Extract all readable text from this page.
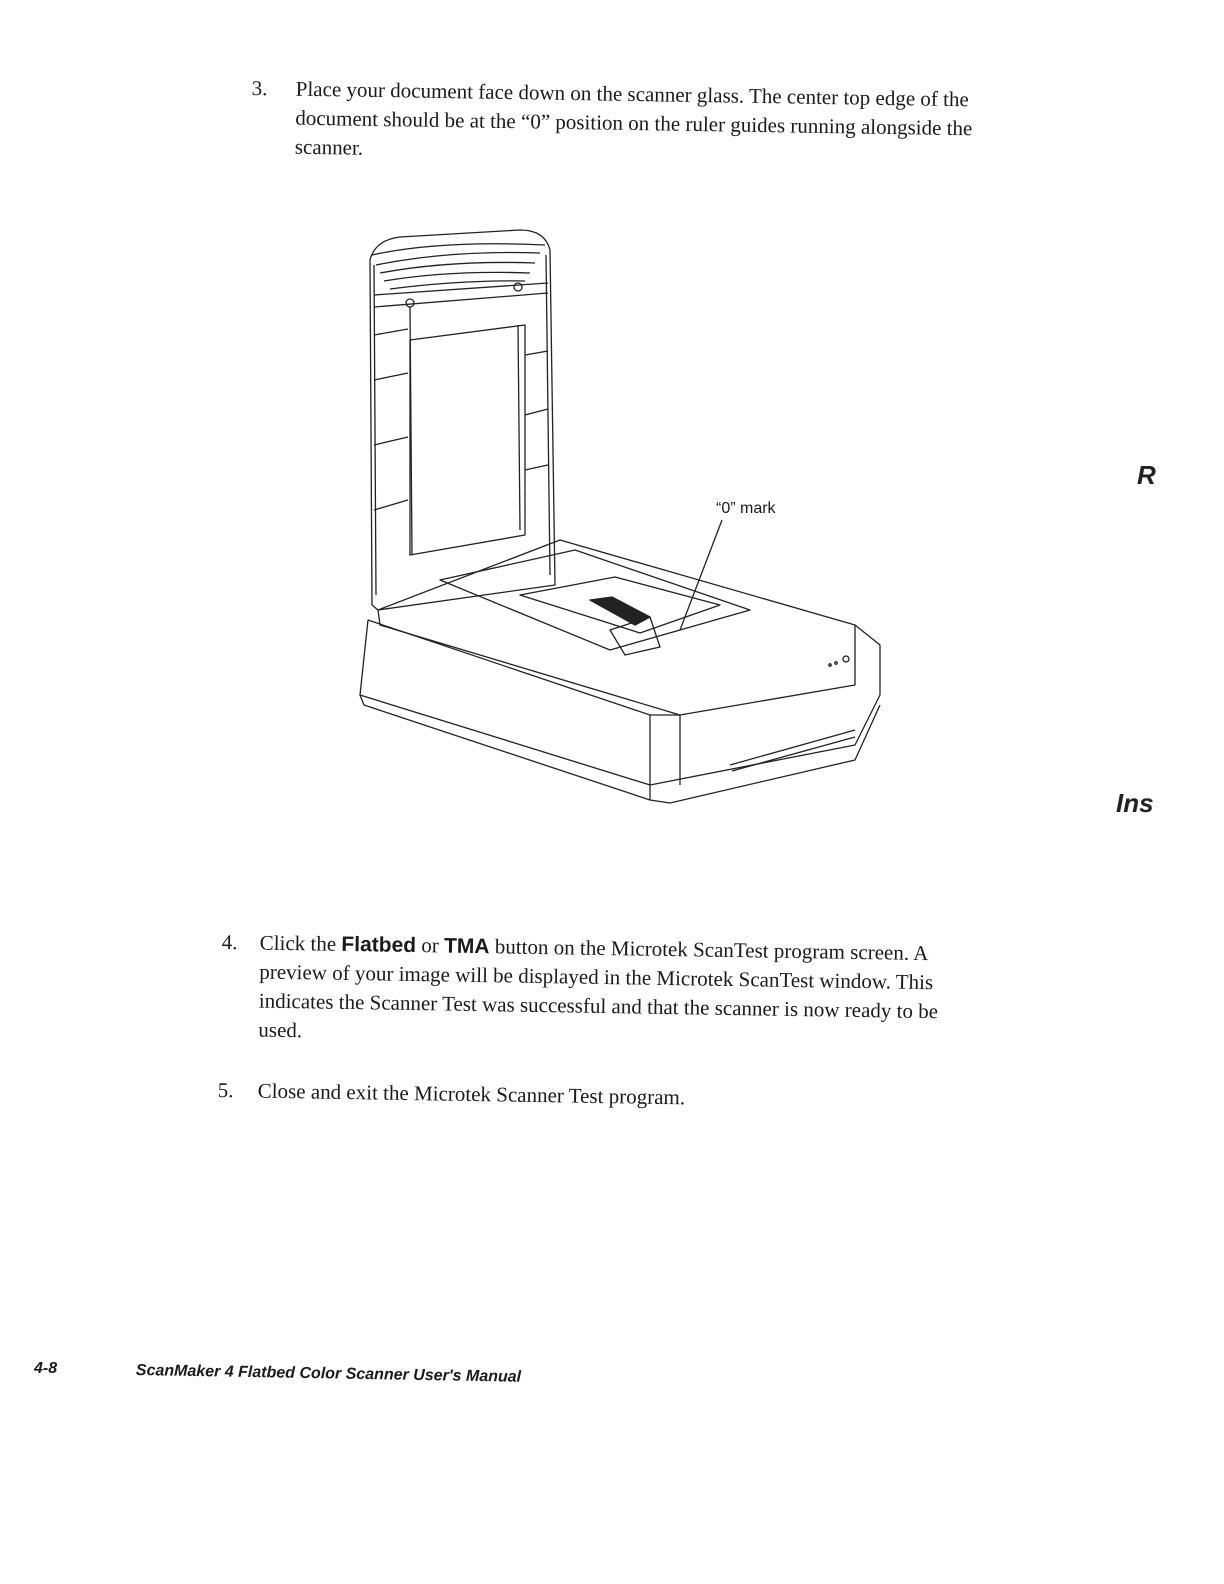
3. Place your document face down on the scanner glass. The center top edge of the document should be at the “0” position on the ruler guides running alongside the scanner.
“0” mark
4. Click the Flatbed or TMA button on the Microtek ScanTest program screen. A preview of your image will be displayed in the Microtek ScanTest window. This indicates the Scanner Test was successful and that the scanner is now ready to be used.
5. Close and exit the Microtek Scanner Test program.
R
Ins
4-8	ScanMaker 4 Flatbed Color Scanner User's Manual
